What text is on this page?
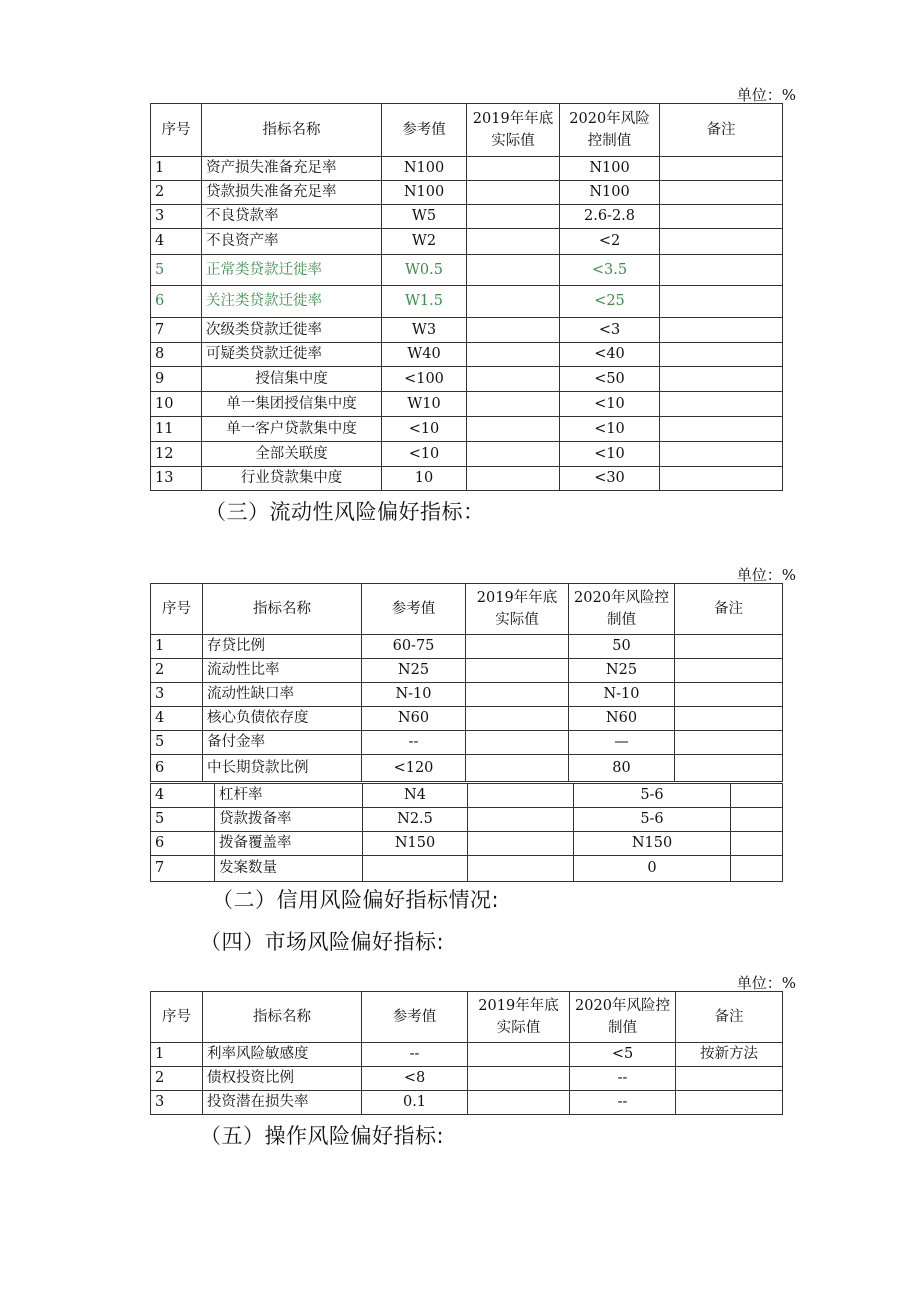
单位：%
单位：%
单位：%
序号	指标名称	参考值	2019年年底实际值	2020年风险控制值	备注
1	资产损失准备充足率	N100		N100	
2	贷款损失准备充足率	N100		N100	
3	不良贷款率	W5		2.6-2.8	
4	不良资产率	W2		<2	
5	正常类贷款迁徙率	W0.5		<3.5	
6	关注类贷款迁徙率	W1.5		<25	
7	次级类贷款迁徙率	W3		<3	
8	可疑类贷款迁徙率	W40		<40	
9	授信集中度	<100		<50	
10	单一集团授信集中度	W10		<10	
11	单一客户贷款集中度	<10		<10	
12	全部关联度	<10		<10	
13	行业贷款集中度	10		<30	
（三）流动性风险偏好指标：
序号	指标名称	参考值	2019年年底实际值	2020年风险控制值	备注
1	存贷比例	60-75		50	
2	流动性比率	N25		N25	
3	流动性缺口率	N-10		N-10	
4	核心负债依存度	N60		N60	
5	备付金率	--		—	
6	中长期贷款比例	<120		80	
4	杠杆率	N4		5-6	
5	贷款拨备率	N2.5		5-6	
6	拨备覆盖率	N150		N150	
7	发案数量			0	
（二）信用风险偏好指标情况:
（四）市场风险偏好指标:
序号	指标名称	参考值	2019年年底实际值	2020年风险控制值	备注
1	利率风险敏感度	--		<5	按新方法
2	债权投资比例	<8		--	
3	投资潜在损失率	0.1		--	
（五）操作风险偏好指标:
